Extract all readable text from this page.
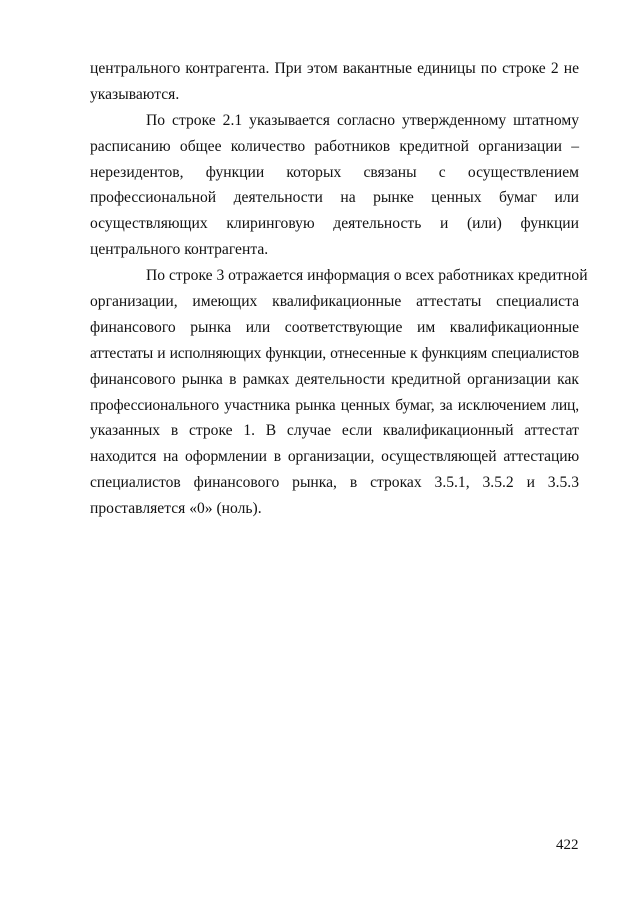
центрального контрагента. При этом вакантные единицы по строке 2 не
указываются.
По строке 2.1 указывается согласно утвержденному штатному
расписанию общее количество работников кредитной организации –
нерезидентов, функции которых связаны с осуществлением
профессиональной деятельности на рынке ценных бумаг или
осуществляющих клиринговую деятельность и (или) функции
центрального контрагента.
По строке 3 отражается информация о всех работниках кредитной
организации, имеющих квалификационные аттестаты специалиста
финансового рынка или соответствующие им квалификационные
аттестаты и исполняющих функции, отнесенные к функциям специалистов
финансового рынка в рамках деятельности кредитной организации как
профессионального участника рынка ценных бумаг, за исключением лиц,
указанных в строке 1. В случае если квалификационный аттестат
находится на оформлении в организации, осуществляющей аттестацию
специалистов финансового рынка, в строках 3.5.1, 3.5.2 и 3.5.3
проставляется «0» (ноль).
422
